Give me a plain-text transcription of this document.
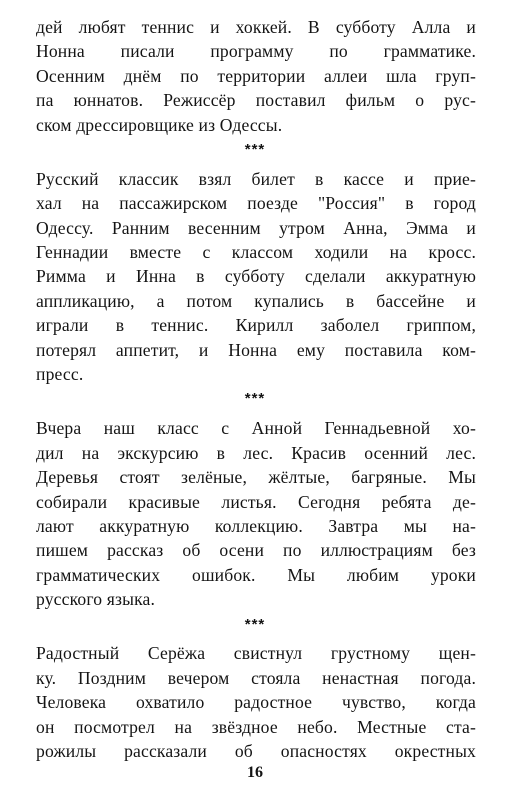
дей любят теннис и хоккей. В субботу Алла и
Нонна писали программу по грамматике.
Осенним днём по территории аллеи шла груп-
па юннатов. Режиссёр поставил фильм о рус-
ском дрессировщике из Одессы.
***
Русский классик взял билет в кассе и прие-
хал на пассажирском поезде "Россия" в город
Одессу. Ранним весенним утром Анна, Эмма и
Геннадии вместе с классом ходили на кросс.
Римма и Инна в субботу сделали аккуратную
аппликацию, а потом купались в бассейне и
играли в теннис. Кирилл заболел гриппом,
потерял аппетит, и Нонна ему поставила ком-
пресс.
***
Вчера наш класс с Анной Геннадьевной хо-
дил на экскурсию в лес. Красив осенний лес.
Деревья стоят зелёные, жёлтые, багряные. Мы
собирали красивые листья. Сегодня ребята де-
лают аккуратную коллекцию. Завтра мы на-
пишем рассказ об осени по иллюстрациям без
грамматических ошибок. Мы любим уроки
русского языка.
***
Радостный Серёжа свистнул грустному щен-
ку. Поздним вечером стояла ненастная погода.
Человека охватило радостное чувство, когда
он посмотрел на звёздное небо. Местные ста-
рожилы рассказали об опасностях окрестных
16
